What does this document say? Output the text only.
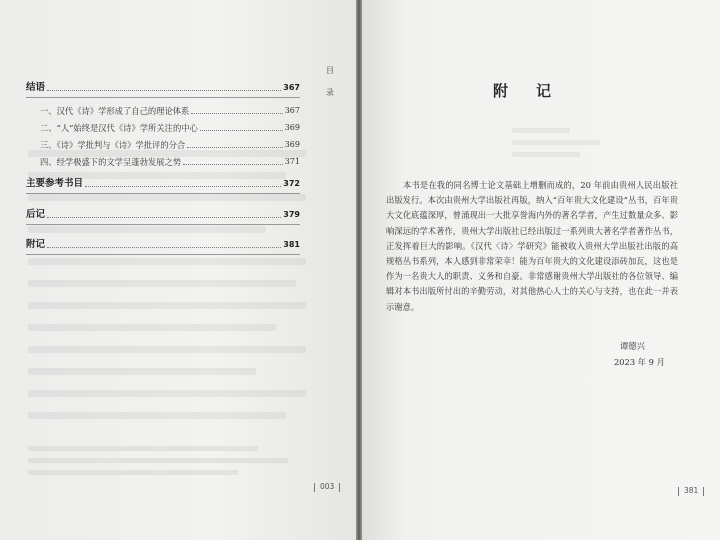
结语	367
一、汉代《诗》学形成了自己的理论体系	367
二、“人”始终是汉代《诗》学所关注的中心	369
三、《诗》学批判与《诗》学批评的分合	369
四、经学极盛下的文学呈蓬勃发展之势	371
主要参考书目	372
后记	379
附记	381
目 录
003
附记

本书是在我的同名博士论文基础上增删而成的，20 年前由贵州人民出版社出版发行。本次由贵州大学出版社再版，纳入“百年贵大文化建设”丛书，百年贵大文化底蕴深厚，曾涌现出一大批享誉海内外的著名学者，产生过数量众多、影响深远的学术著作，贵州大学出版社已经出版过一系列贵大著名学者著作丛书，正发挥着巨大的影响。《汉代〈诗〉学研究》能被收入贵州大学出版社出版的高规格丛书系列，本人感到非常荣幸！能为百年贵大的文化建设添砖加瓦，这也是作为一名贵大人的职责、义务和自豪。非常感谢贵州大学出版社的各位领导、编辑对本书出版所付出的辛勤劳动，对其他热心人士的关心与支持，也在此一并表示谢意。

谭德兴
2023 年 9 月
381
